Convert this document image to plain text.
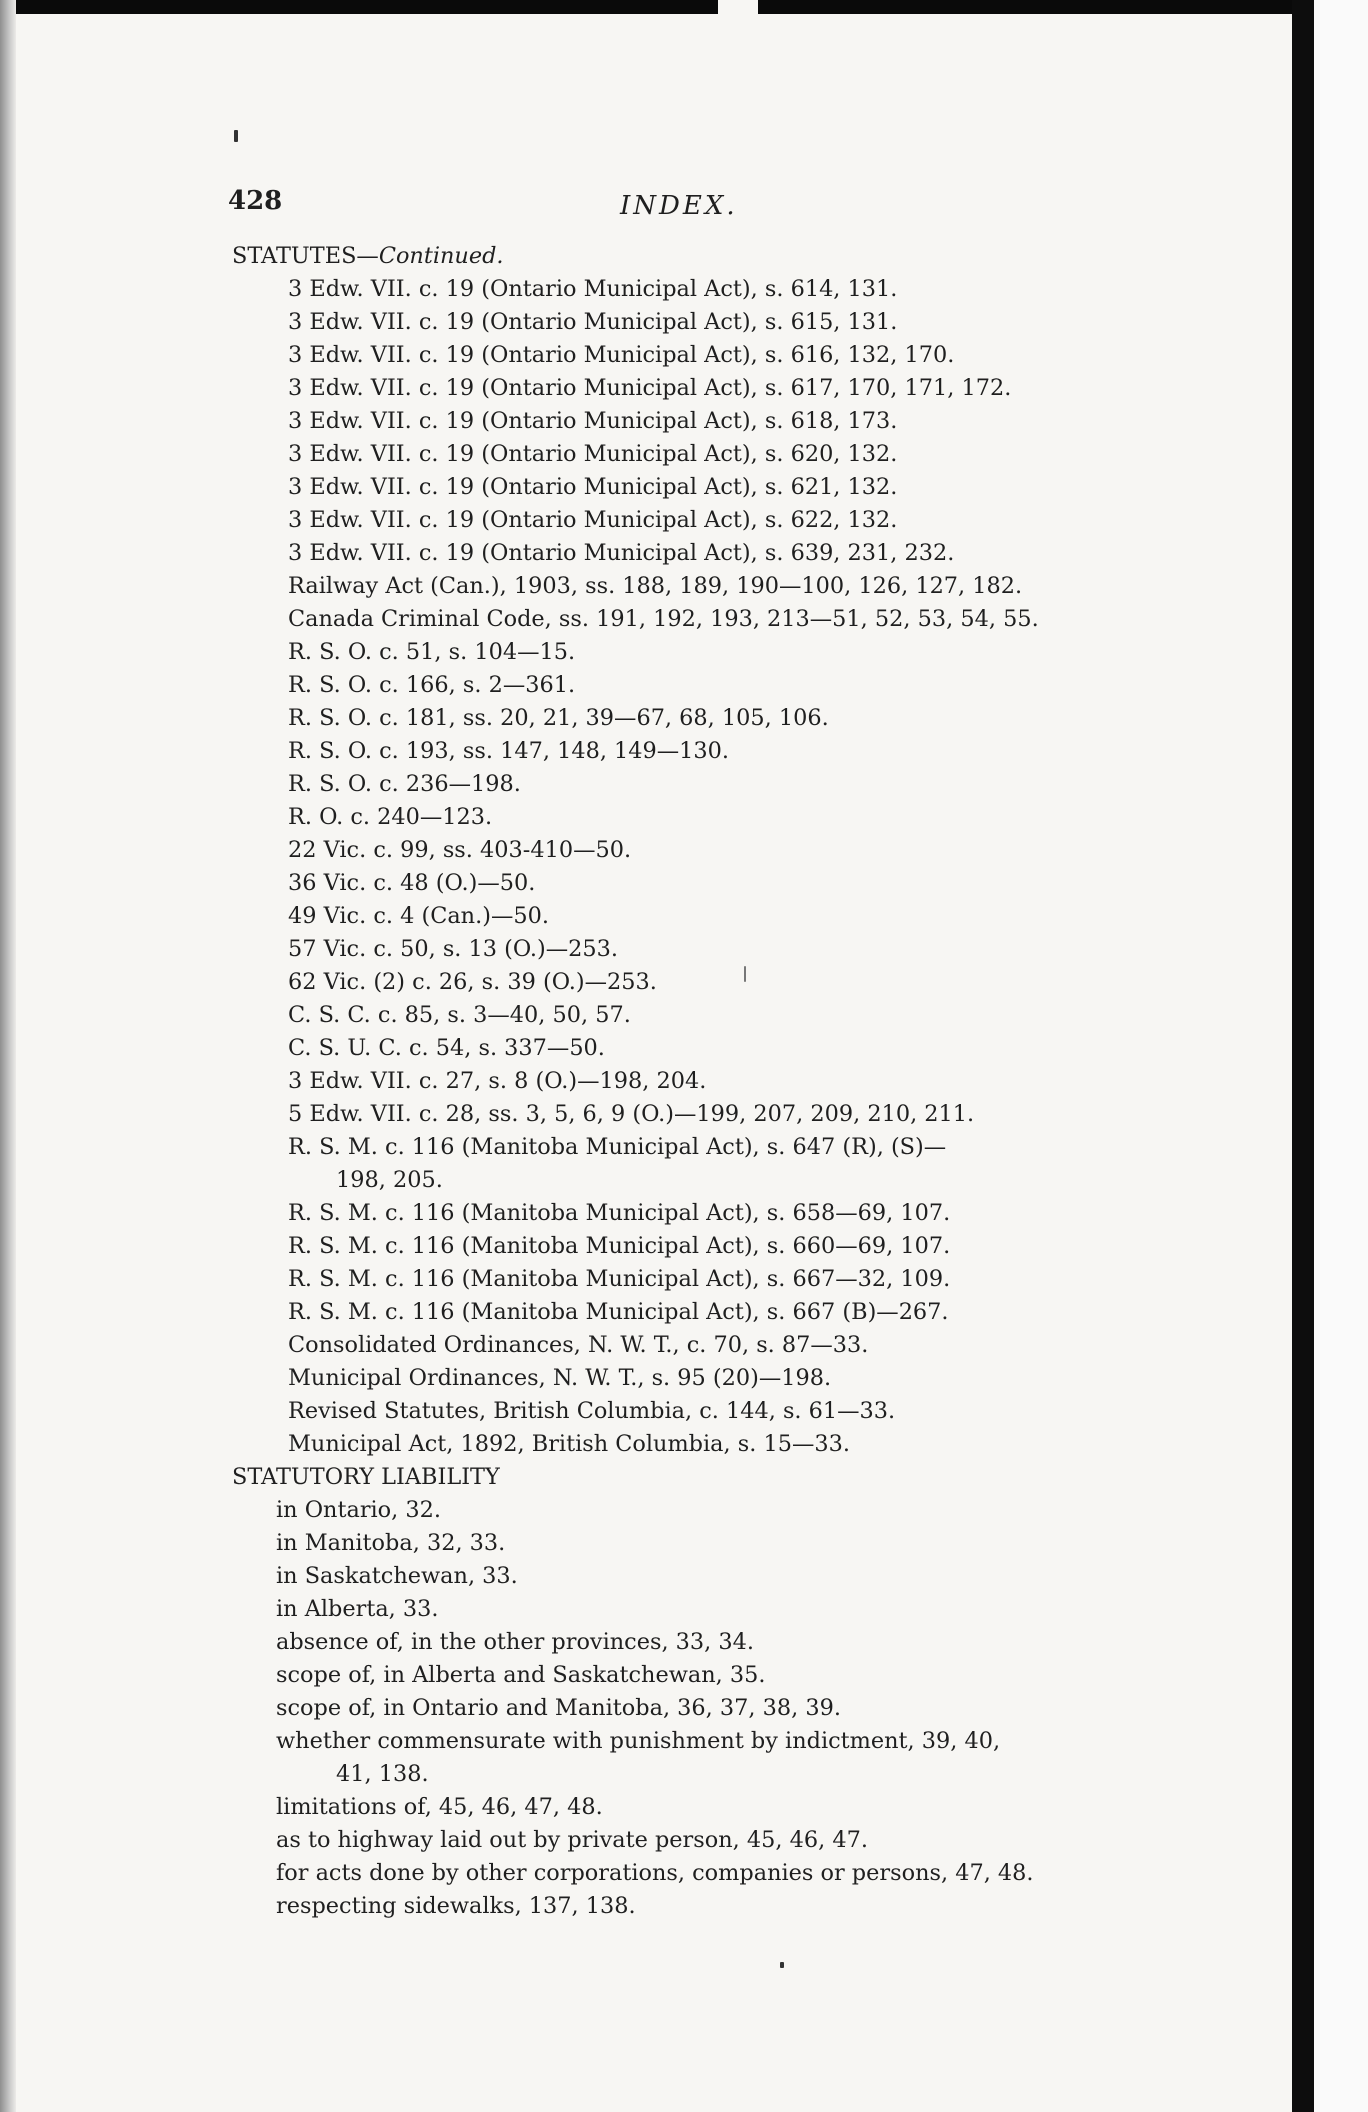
428	INDEX.
STATUTES—Continued.
3 Edw. VII. c. 19 (Ontario Municipal Act), s. 614, 131.
3 Edw. VII. c. 19 (Ontario Municipal Act), s. 615, 131.
3 Edw. VII. c. 19 (Ontario Municipal Act), s. 616, 132, 170.
3 Edw. VII. c. 19 (Ontario Municipal Act), s. 617, 170, 171, 172.
3 Edw. VII. c. 19 (Ontario Municipal Act), s. 618, 173.
3 Edw. VII. c. 19 (Ontario Municipal Act), s. 620, 132.
3 Edw. VII. c. 19 (Ontario Municipal Act), s. 621, 132.
3 Edw. VII. c. 19 (Ontario Municipal Act), s. 622, 132.
3 Edw. VII. c. 19 (Ontario Municipal Act), s. 639, 231, 232.
Railway Act (Can.), 1903, ss. 188, 189, 190—100, 126, 127, 182.
Canada Criminal Code, ss. 191, 192, 193, 213—51, 52, 53, 54, 55.
R. S. O. c. 51, s. 104—15.
R. S. O. c. 166, s. 2—361.
R. S. O. c. 181, ss. 20, 21, 39—67, 68, 105, 106.
R. S. O. c. 193, ss. 147, 148, 149—130.
R. S. O. c. 236—198.
R. O. c. 240—123.
22 Vic. c. 99, ss. 403-410—50.
36 Vic. c. 48 (O.)—50.
49 Vic. c. 4 (Can.)—50.
57 Vic. c. 50, s. 13 (O.)—253.
62 Vic. (2) c. 26, s. 39 (O.)—253.
C. S. C. c. 85, s. 3—40, 50, 57.
C. S. U. C. c. 54, s. 337—50.
3 Edw. VII. c. 27, s. 8 (O.)—198, 204.
5 Edw. VII. c. 28, ss. 3, 5, 6, 9 (O.)—199, 207, 209, 210, 211.
R. S. M. c. 116 (Manitoba Municipal Act), s. 647 (R), (S)—
198, 205.
R. S. M. c. 116 (Manitoba Municipal Act), s. 658—69, 107.
R. S. M. c. 116 (Manitoba Municipal Act), s. 660—69, 107.
R. S. M. c. 116 (Manitoba Municipal Act), s. 667—32, 109.
R. S. M. c. 116 (Manitoba Municipal Act), s. 667 (B)—267.
Consolidated Ordinances, N. W. T., c. 70, s. 87—33.
Municipal Ordinances, N. W. T., s. 95 (20)—198.
Revised Statutes, British Columbia, c. 144, s. 61—33.
Municipal Act, 1892, British Columbia, s. 15—33.
STATUTORY LIABILITY
in Ontario, 32.
in Manitoba, 32, 33.
in Saskatchewan, 33.
in Alberta, 33.
absence of, in the other provinces, 33, 34.
scope of, in Alberta and Saskatchewan, 35.
scope of, in Ontario and Manitoba, 36, 37, 38, 39.
whether commensurate with punishment by indictment, 39, 40,
41, 138.
limitations of, 45, 46, 47, 48.
as to highway laid out by private person, 45, 46, 47.
for acts done by other corporations, companies or persons, 47, 48.
respecting sidewalks, 137, 138.
